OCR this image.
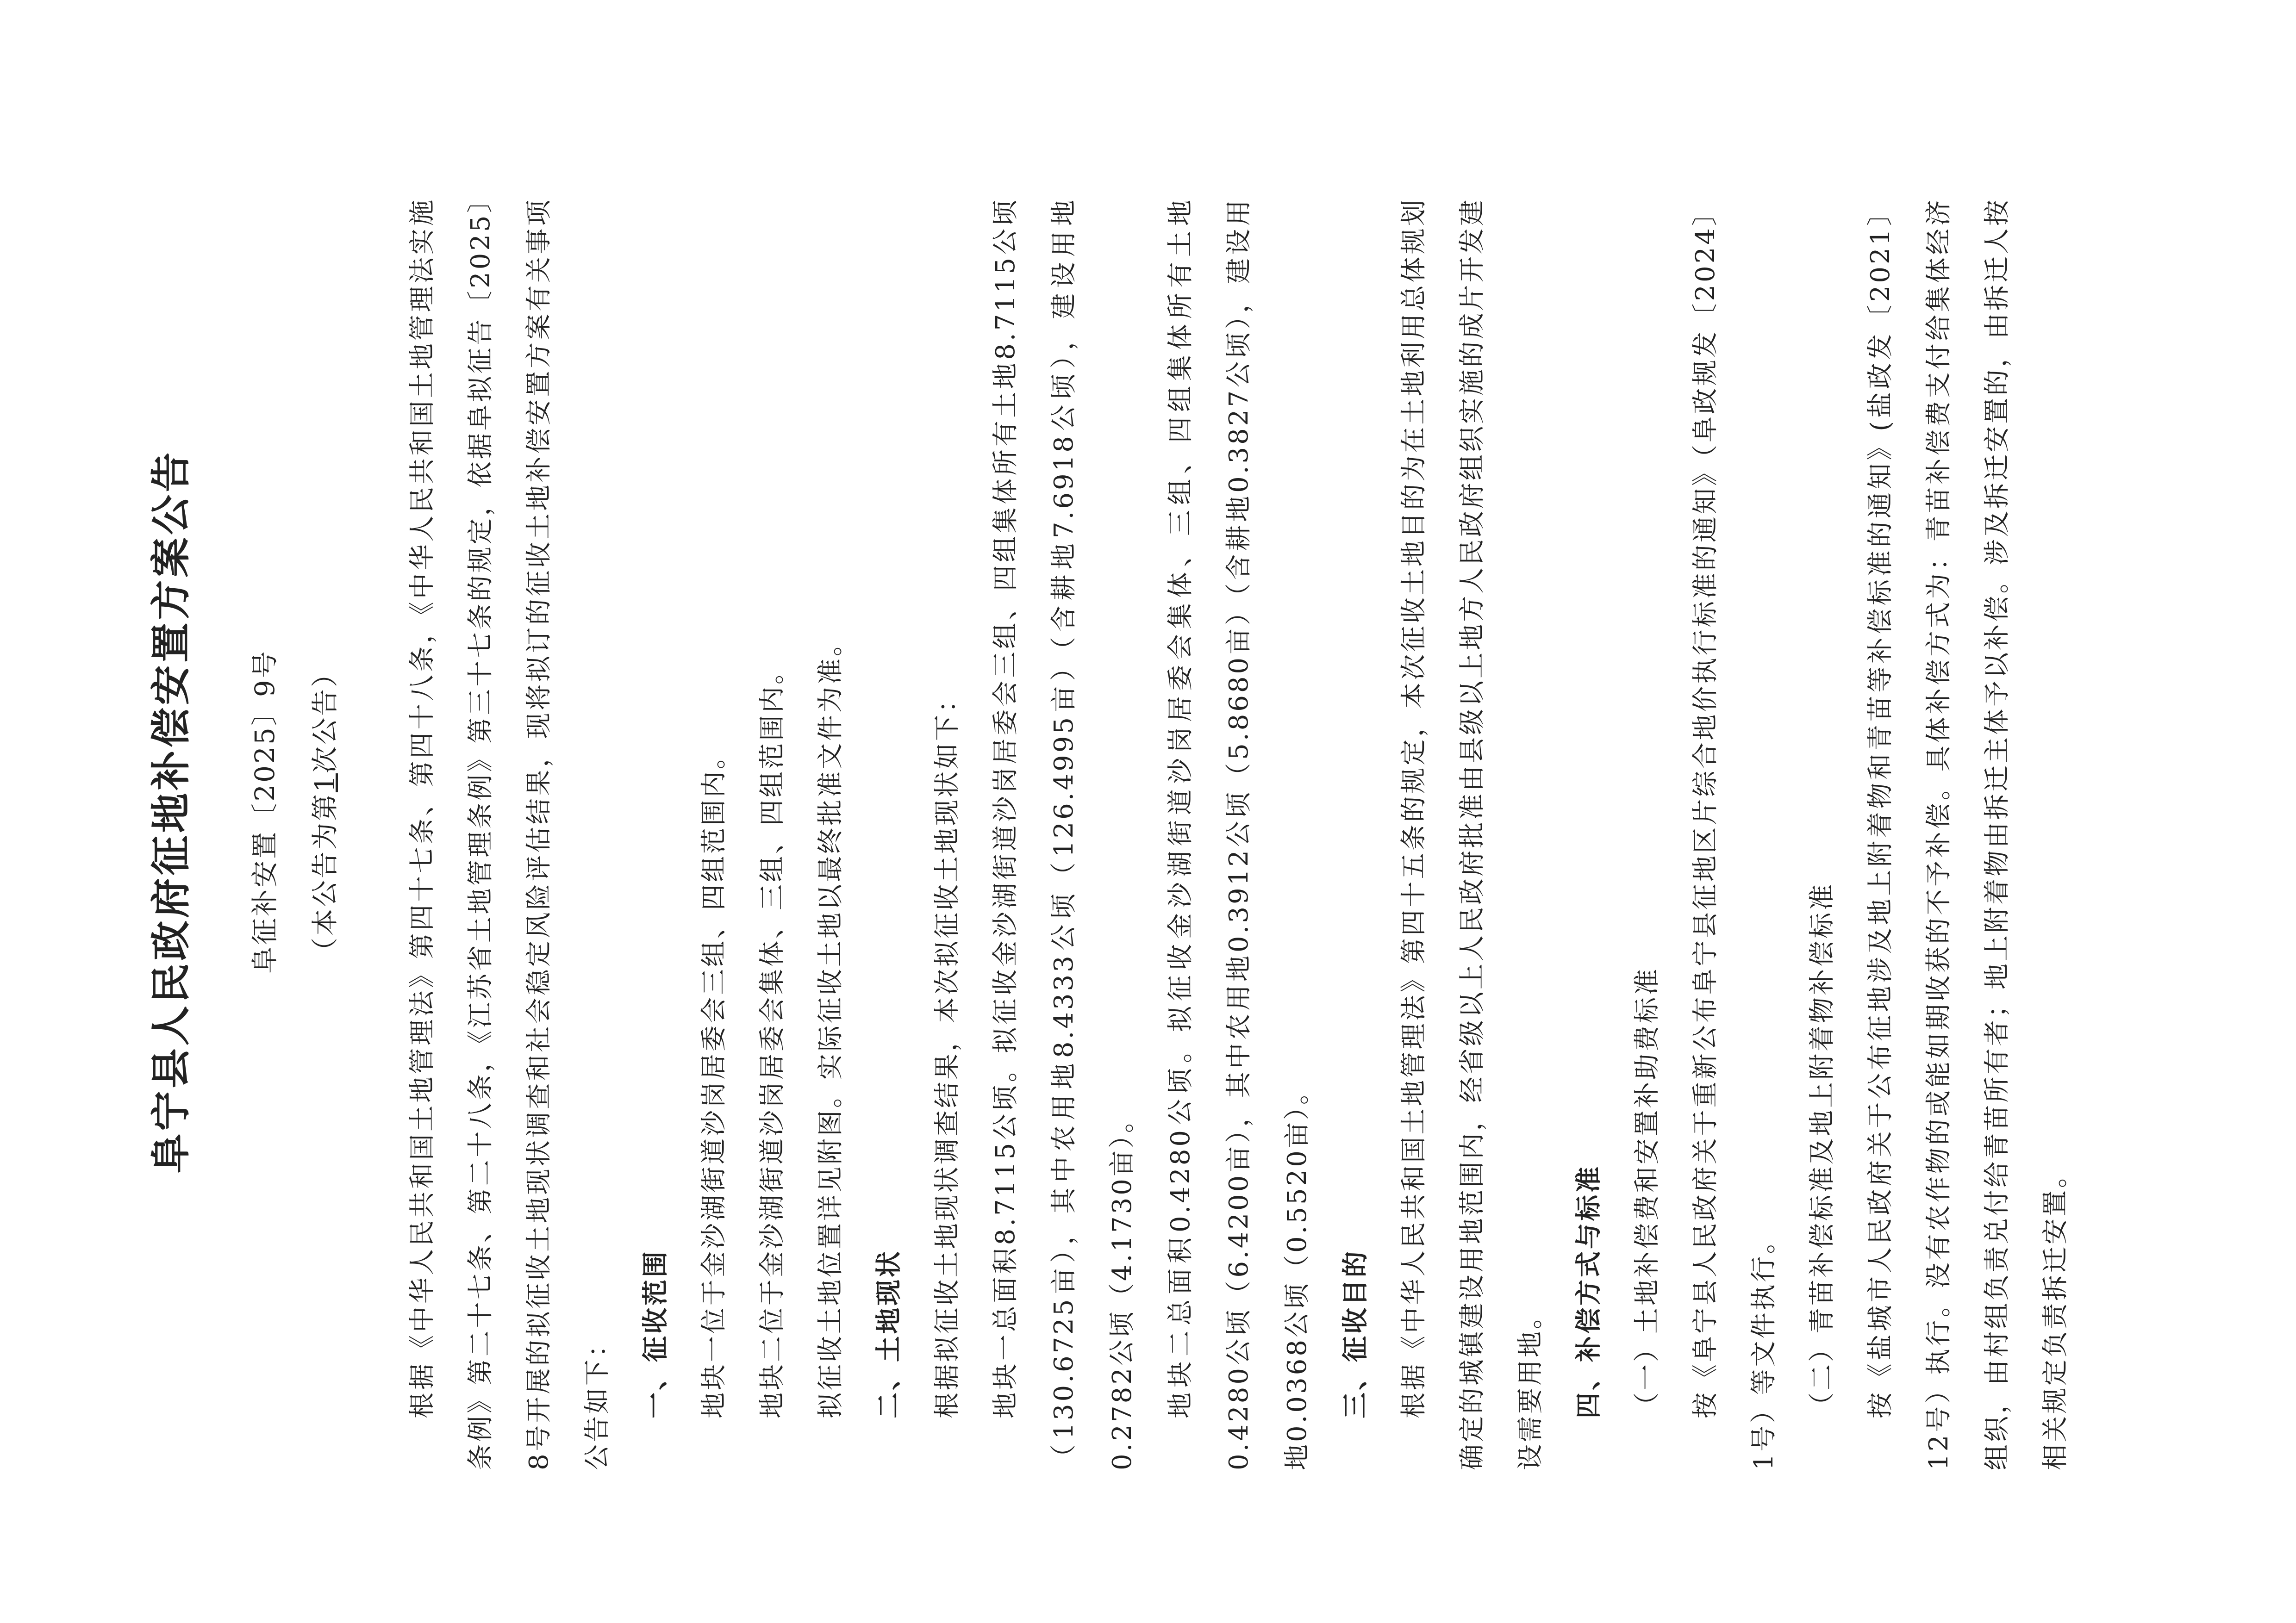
阜宁县人民政府征地补偿安置方案公告 阜征补安置〔2025〕9号 （本公告为第1次公告）	根据《中华人民共和国土地管理法》第四十七条、第四十八条，《中华人民共和国土地管理法实施条例》第二十七条、第二十八条，《江苏省土地管理条例》第三十七条的规定，依据阜拟征告〔2025〕8号开展的拟征收土地现状调查和社会稳定风险评估结果，现将拟订的征收土地补偿安置方案有关事项公告如下：	一、征收范围	地块一位于金沙湖街道沙岗居委会三组、四组范围内。	地块二位于金沙湖街道沙岗居委会集体、三组、四组范围内。	拟征收土地位置详见附图。实际征收土地以最终批准文件为准。	二、土地现状	根据拟征收土地现状调查结果，本次拟征收土地现状如下：	地块一总面积8.7115公顷。拟征收金沙湖街道沙岗居委会三组、四组集体所有土地8.7115公顷（130.6725亩），其中农用地8.4333公顷（126.4995亩）（含耕地7.6918公顷），建设用地0.2782公顷（4.1730亩）。	地块二总面积0.4280公顷。拟征收金沙湖街道沙岗居委会集体、三组、四组集体所有土地0.4280公顷（6.4200亩），其中农用地0.3912公顷（5.8680亩）（含耕地0.3827公顷），建设用地0.0368公顷（0.5520亩）。	三、征收目的	根据《中华人民共和国土地管理法》第四十五条的规定，本次征收土地目的为在土地利用总体规划确定的城镇建设用地范围内，经省级以上人民政府批准由县级以上地方人民政府组织实施的成片开发建设需要用地。	四、补偿方式与标准	（一）土地补偿费和安置补助费标准	按《阜宁县人民政府关于重新公布阜宁县征地区片综合地价执行标准的通知》（阜政规发〔2024〕1号）等文件执行。	（二）青苗补偿标准及地上附着物补偿标准	按《盐城市人民政府关于公布征地涉及地上附着物和青苗等补偿标准的通知》(盐政发〔2021〕12号）执行。没有农作物的或能如期收获的不予补偿。具体补偿方式为：青苗补偿费支付给集体经济组织，由村组负责兑付给青苗所有者；地上附着物由拆迁主体予以补偿。涉及拆迁安置的，由拆迁人按相关规定负责拆迁安置。
